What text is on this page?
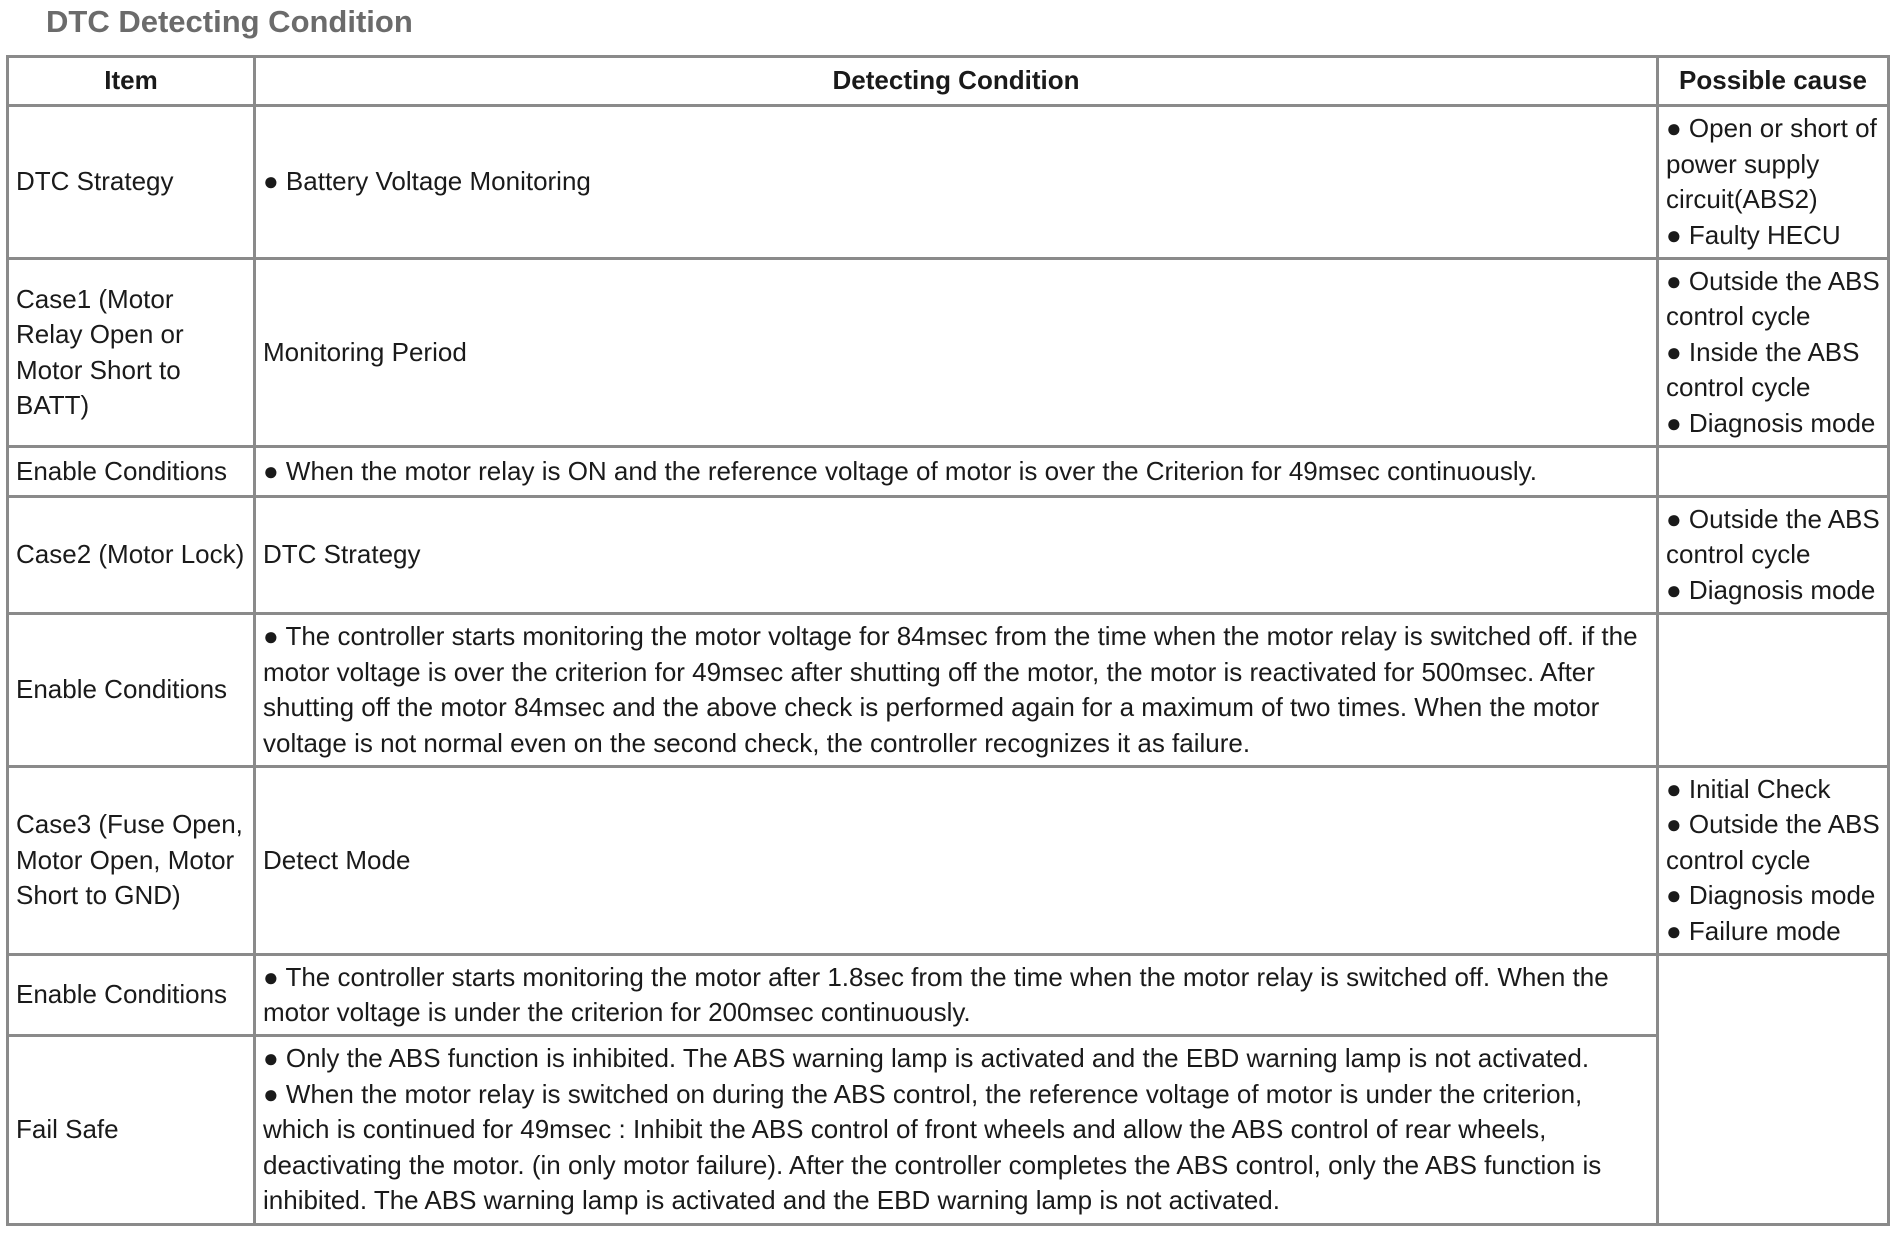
DTC Detecting Condition
Item	Detecting Condition	Possible cause
DTC Strategy	● Battery Voltage Monitoring	● Open or short of power supply circuit(ABS2)
● Faulty HECU

Case1 (Motor Relay Open or Motor Short to BATT)	Monitoring Period	● Outside the ABS control cycle
● Inside the ABS control cycle
● Diagnosis mode

Enable Conditions	● When the motor relay is ON and the reference voltage of motor is over the Criterion for 49msec continuously.	
Case2 (Motor Lock)	DTC Strategy	● Outside the ABS control cycle
● Diagnosis mode

Enable Conditions	● The controller starts monitoring the motor voltage for 84msec from the time when the motor relay is switched off. if the motor voltage is over the criterion for 49msec after shutting off the motor, the motor is reactivated for 500msec. After shutting off the motor 84msec and the above check is performed again for a maximum of two times. When the motor voltage is not normal even on the second check, the controller recognizes it as failure.	
Case3 (Fuse Open, Motor Open, Motor Short to GND)	Detect Mode	● Initial Check
● Outside the ABS control cycle
● Diagnosis mode
● Failure mode

Enable Conditions	● The controller starts monitoring the motor after 1.8sec from the time when the motor relay is switched off. When the motor voltage is under the criterion for 200msec continuously.	
Fail Safe	● Only the ABS function is inhibited. The ABS warning lamp is activated and the EBD warning lamp is not activated.
● When the motor relay is switched on during the ABS control, the reference voltage of motor is under the criterion, which is continued for 49msec : Inhibit the ABS control of front wheels and allow the ABS control of rear wheels, deactivating the motor. (in only motor failure). After the controller completes the ABS control, only the ABS function is inhibited. The ABS warning lamp is activated and the EBD warning lamp is not activated.	
